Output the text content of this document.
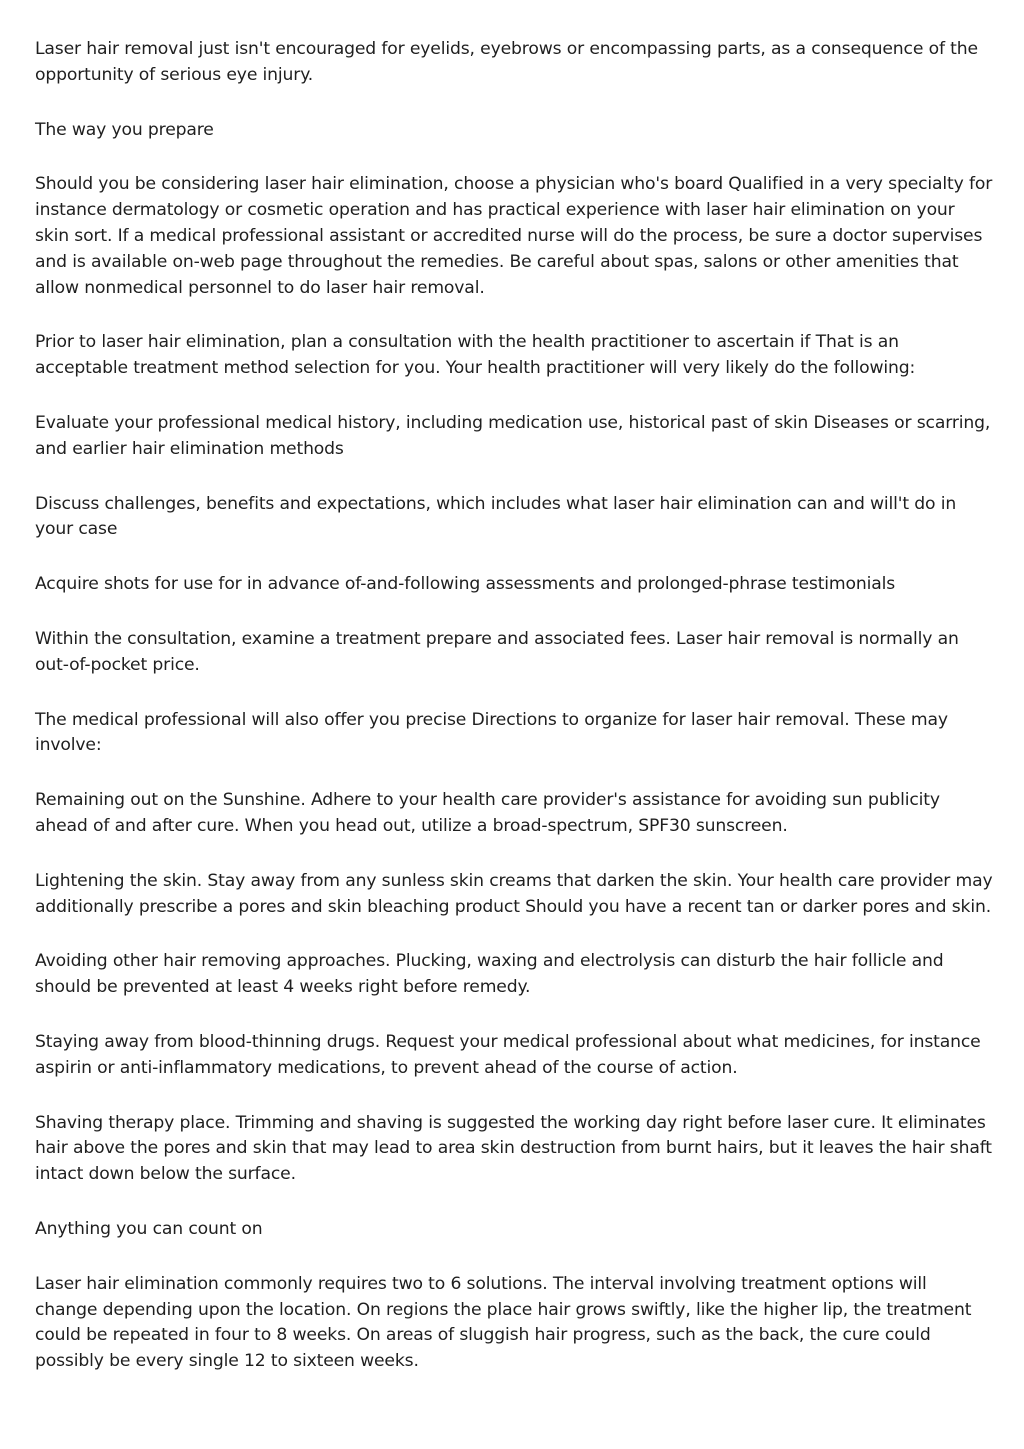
Laser hair removal just isn't encouraged for eyelids, eyebrows or encompassing parts, as a consequence of the opportunity of serious eye injury.

The way you prepare

Should you be considering laser hair elimination, choose a physician who's board Qualified in a very specialty for instance dermatology or cosmetic operation and has practical experience with laser hair elimination on your skin sort. If a medical professional assistant or accredited nurse will do the process, be sure a doctor supervises and is available on-web page throughout the remedies. Be careful about spas, salons or other amenities that allow nonmedical personnel to do laser hair removal.

Prior to laser hair elimination, plan a consultation with the health practitioner to ascertain if That is an acceptable treatment method selection for you. Your health practitioner will very likely do the following:

Evaluate your professional medical history, including medication use, historical past of skin Diseases or scarring, and earlier hair elimination methods

Discuss challenges, benefits and expectations, which includes what laser hair elimination can and will't do in your case

Acquire shots for use for in advance of-and-following assessments and prolonged-phrase testimonials

Within the consultation, examine a treatment prepare and associated fees. Laser hair removal is normally an out-of-pocket price.

The medical professional will also offer you precise Directions to organize for laser hair removal. These may involve:

Remaining out on the Sunshine. Adhere to your health care provider's assistance for avoiding sun publicity ahead of and after cure. When you head out, utilize a broad-spectrum, SPF30 sunscreen.

Lightening the skin. Stay away from any sunless skin creams that darken the skin. Your health care provider may additionally prescribe a pores and skin bleaching product Should you have a recent tan or darker pores and skin.

Avoiding other hair removing approaches. Plucking, waxing and electrolysis can disturb the hair follicle and should be prevented at least 4 weeks right before remedy.

Staying away from blood-thinning drugs. Request your medical professional about what medicines, for instance aspirin or anti-inflammatory medications, to prevent ahead of the course of action.

Shaving therapy place. Trimming and shaving is suggested the working day right before laser cure. It eliminates hair above the pores and skin that may lead to area skin destruction from burnt hairs, but it leaves the hair shaft intact down below the surface.

Anything you can count on

Laser hair elimination commonly requires two to 6 solutions. The interval involving treatment options will change depending upon the location. On regions the place hair grows swiftly, like the higher lip, the treatment could be repeated in four to 8 weeks. On areas of sluggish hair progress, such as the back, the cure could possibly be every single 12 to sixteen weeks.
